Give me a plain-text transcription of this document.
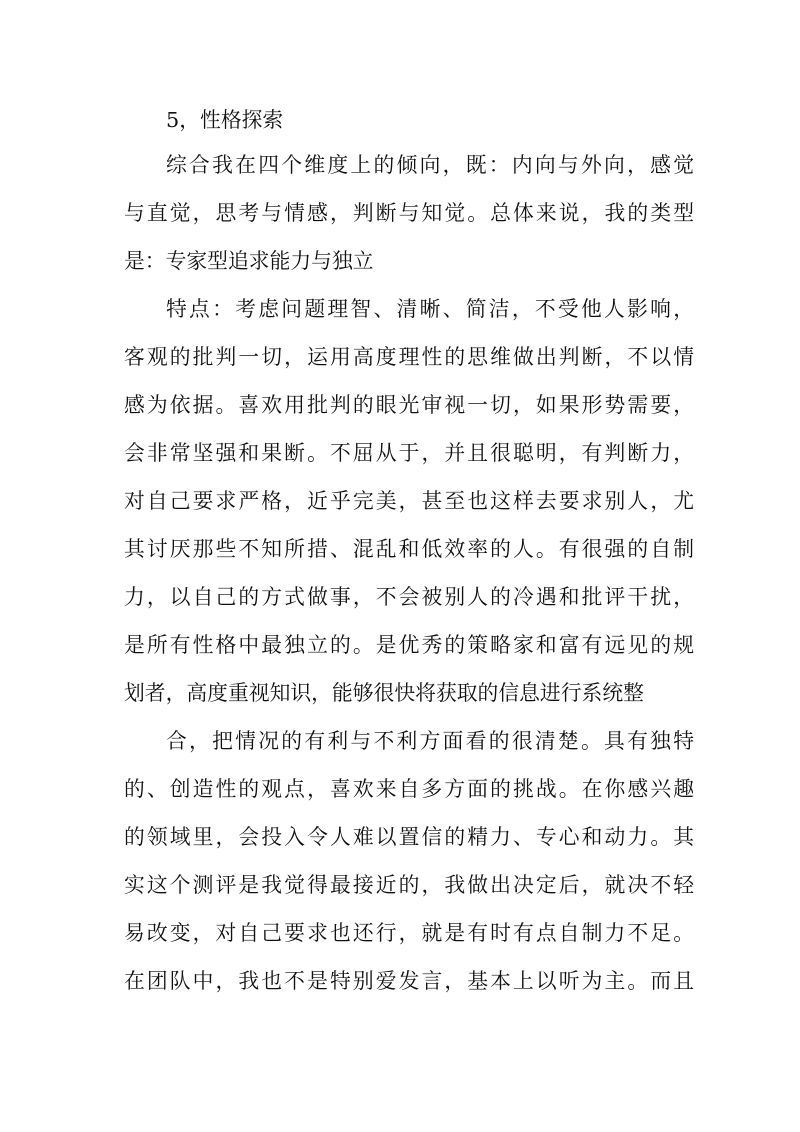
5，性格探索
综合我在四个维度上的倾向，既：内向与外向，感觉
与直觉，思考与情感，判断与知觉。总体来说，我的类型
是：专家型追求能力与独立
特点：考虑问题理智、清晰、简洁，不受他人影响，
客观的批判一切，运用高度理性的思维做出判断，不以情
感为依据。喜欢用批判的眼光审视一切，如果形势需要，
会非常坚强和果断。不屈从于，并且很聪明，有判断力，
对自己要求严格，近乎完美，甚至也这样去要求别人，尤
其讨厌那些不知所措、混乱和低效率的人。有很强的自制
力，以自己的方式做事，不会被别人的冷遇和批评干扰，
是所有性格中最独立的。是优秀的策略家和富有远见的规
划者，高度重视知识，能够很快将获取的信息进行系统整
合，把情况的有利与不利方面看的很清楚。具有独特
的、创造性的观点，喜欢来自多方面的挑战。在你感兴趣
的领域里，会投入令人难以置信的精力、专心和动力。其
实这个测评是我觉得最接近的，我做出决定后，就决不轻
易改变，对自己要求也还行，就是有时有点自制力不足。
在团队中，我也不是特别爱发言，基本上以听为主。而且
